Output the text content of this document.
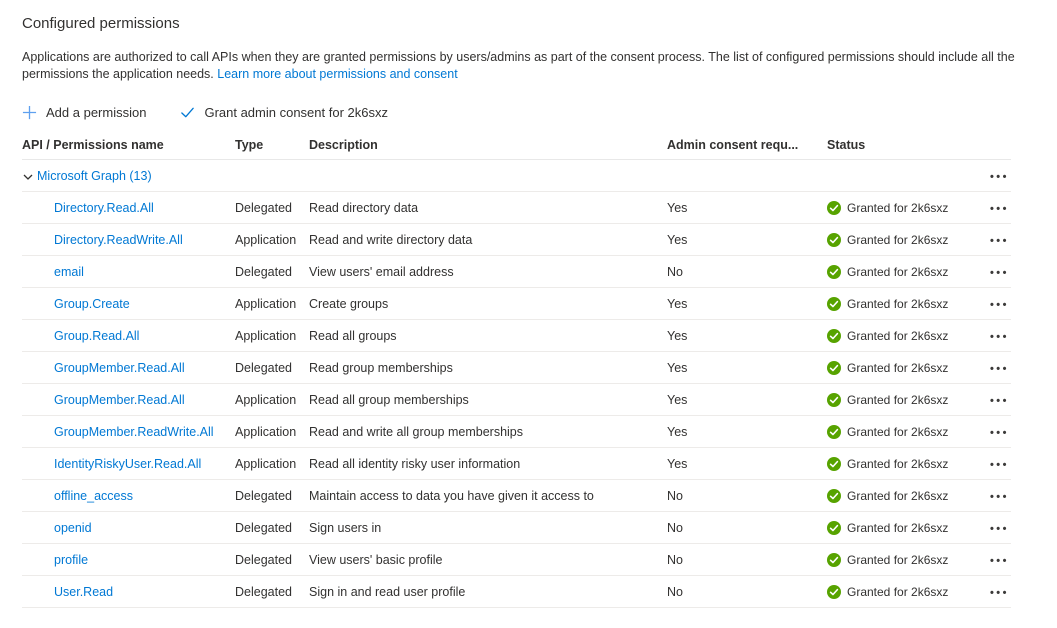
Configured permissions
Applications are authorized to call APIs when they are granted permissions by users/admins as part of the consent process. The list of configured permissions should include all the permissions the application needs. Learn more about permissions and consent
Add a permission	Grant admin consent for 2k6sxz
API / Permissions name	Type	Description	Admin consent requ...	Status
Microsoft Graph (13)	•••
Directory.Read.All	Delegated	Read directory data	Yes	Granted for 2k6sxz	•••
Directory.ReadWrite.All	Application	Read and write directory data	Yes	Granted for 2k6sxz	•••
email	Delegated	View users' email address	No	Granted for 2k6sxz	•••
Group.Create	Application	Create groups	Yes	Granted for 2k6sxz	•••
Group.Read.All	Application	Read all groups	Yes	Granted for 2k6sxz	•••
GroupMember.Read.All	Delegated	Read group memberships	Yes	Granted for 2k6sxz	•••
GroupMember.Read.All	Application	Read all group memberships	Yes	Granted for 2k6sxz	•••
GroupMember.ReadWrite.All	Application	Read and write all group memberships	Yes	Granted for 2k6sxz	•••
IdentityRiskyUser.Read.All	Application	Read all identity risky user information	Yes	Granted for 2k6sxz	•••
offline_access	Delegated	Maintain access to data you have given it access to	No	Granted for 2k6sxz	•••
openid	Delegated	Sign users in	No	Granted for 2k6sxz	•••
profile	Delegated	View users' basic profile	No	Granted for 2k6sxz	•••
User.Read	Delegated	Sign in and read user profile	No	Granted for 2k6sxz	•••
